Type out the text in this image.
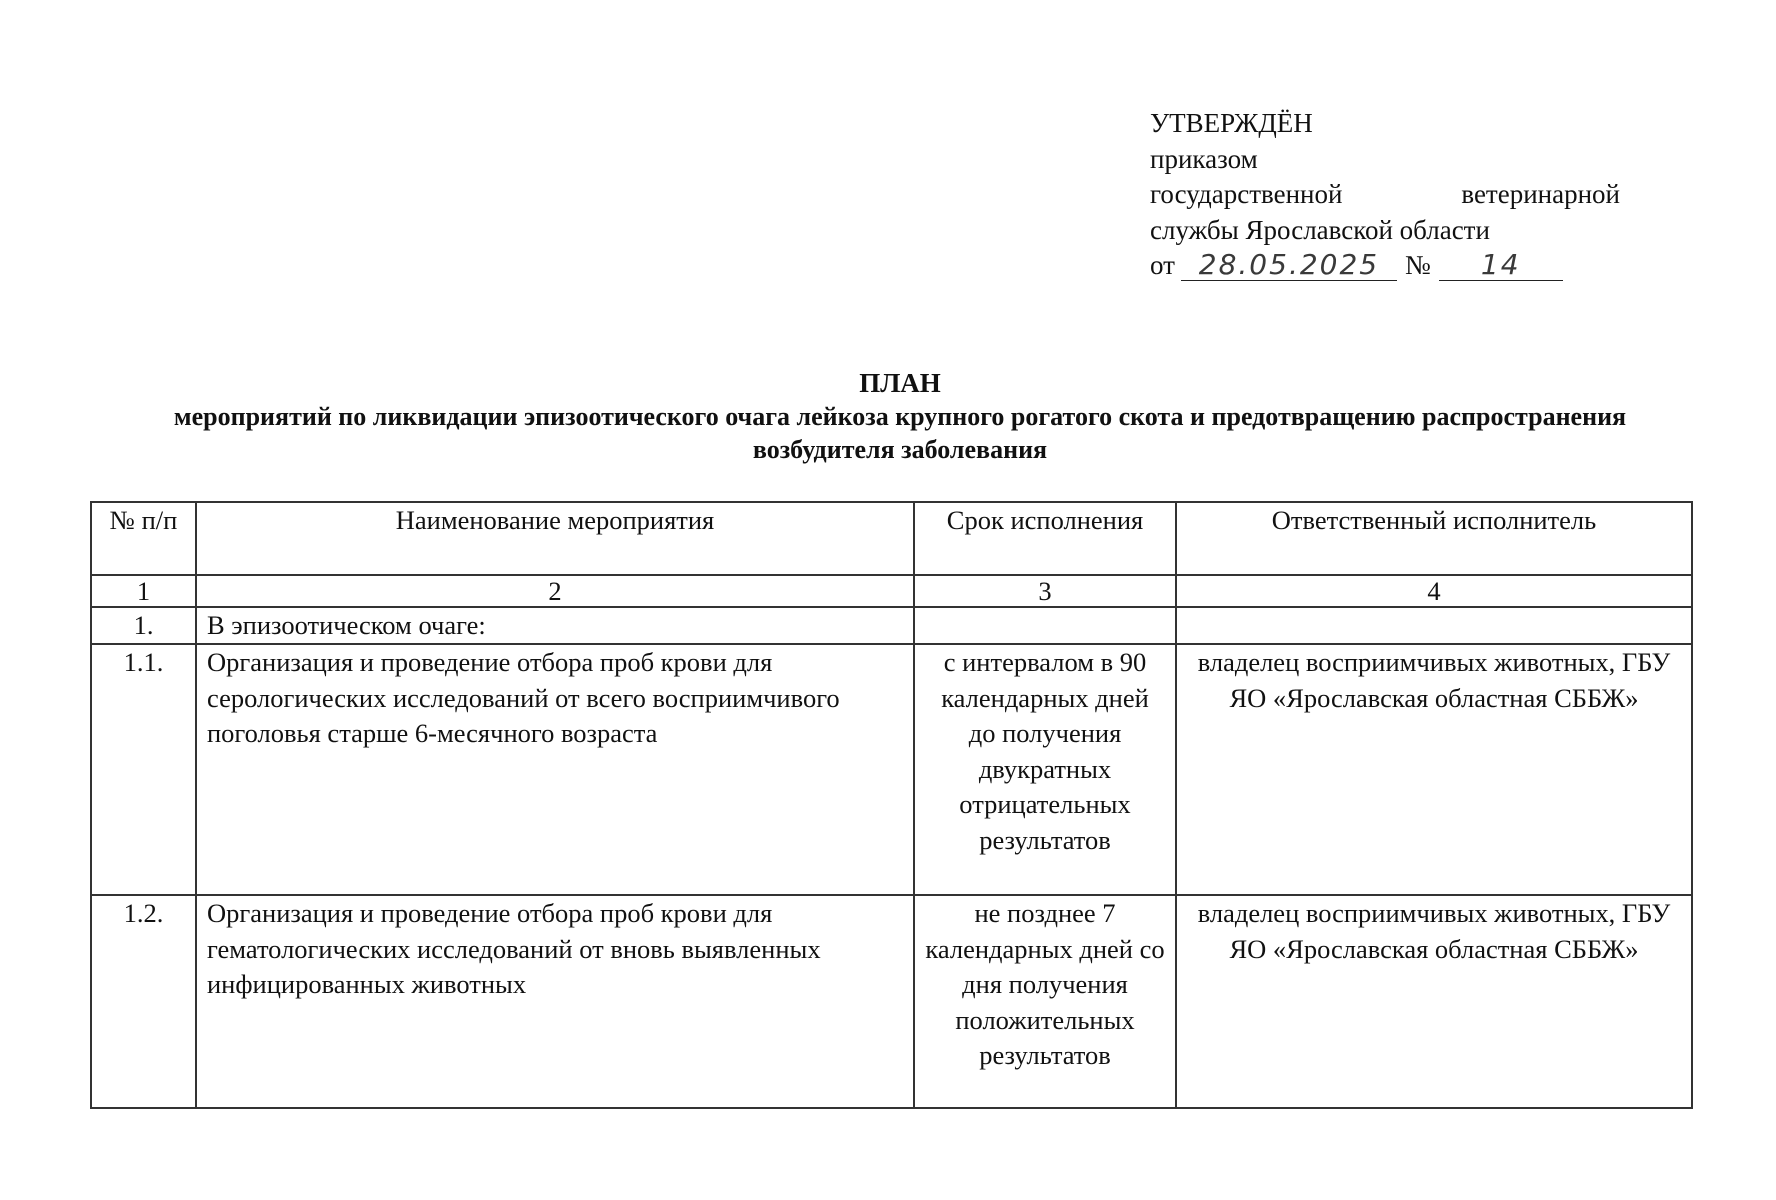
УТВЕРЖДЁН
приказом
государственной	ветеринарной
службы Ярославской области
от 28.05.2025 № 14
ПЛАН
мероприятий по ликвидации эпизоотического очага лейкоза крупного рогатого скота и предотвращению распространения возбудителя заболевания
№ п/п	Наименование мероприятия	Срок исполнения	Ответственный исполнитель
1	2	3	4
1.	В эпизоотическом очаге:		
1.1.	Организация и проведение отбора проб крови для серологических исследований от всего восприимчивого поголовья старше 6-месячного возраста	с интервалом в 90 календарных дней до получения двукратных отрицательных результатов	владелец восприимчивых животных, ГБУ ЯО «Ярославская областная СББЖ»
1.2.	Организация и проведение отбора проб крови для гематологических исследований от вновь выявленных инфицированных животных	не позднее 7 календарных дней со дня получения положительных результатов	владелец восприимчивых животных, ГБУ ЯО «Ярославская областная СББЖ»
